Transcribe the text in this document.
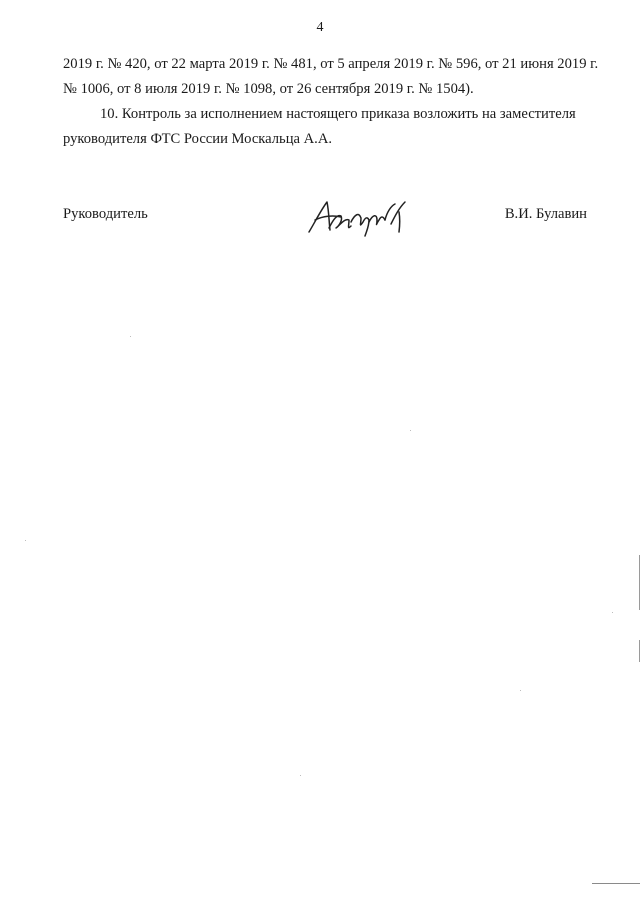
4

2019 г. № 420, от 22 марта 2019 г. № 481, от 5 апреля 2019 г. № 596, от 21 июня 2019 г.
№ 1006, от 8 июля 2019 г. № 1098, от 26 сентября 2019 г. № 1504).

10. Контроль за исполнением настоящего приказа возложить на заместителя
руководителя ФТС России Москальца А.А.

Руководитель	В.И. Булавин
